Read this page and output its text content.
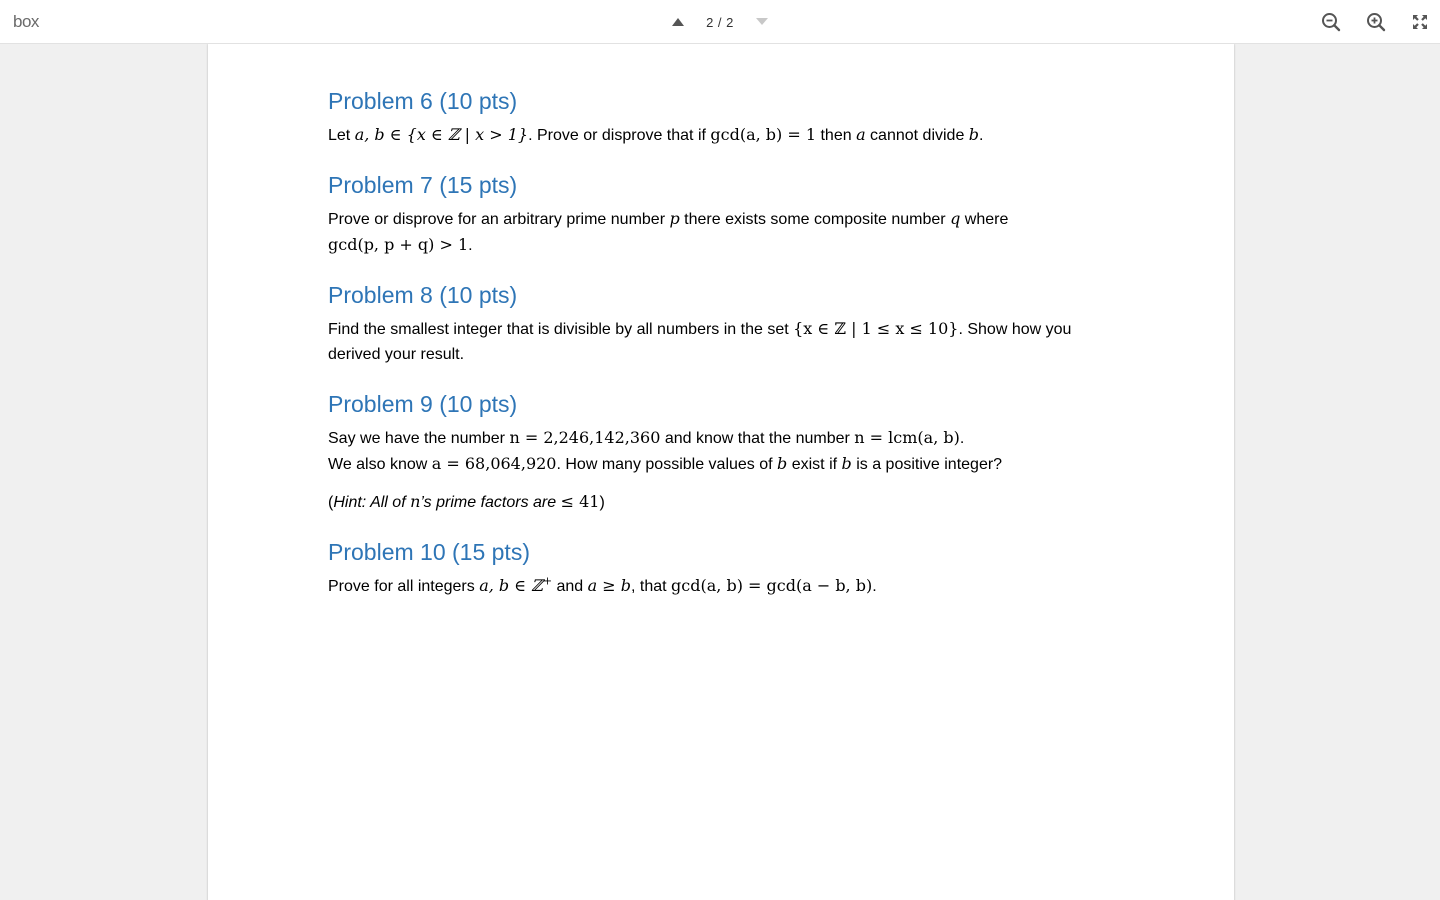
box	2 / 2
Problem 6 (10 pts)

Let a, b ∈ {x ∈ ℤ | x > 1}. Prove or disprove that if gcd(a, b) = 1 then a cannot divide b.

Problem 7 (15 pts)

Prove or disprove for an arbitrary prime number p there exists some composite number q where
gcd(p, p + q) > 1.

Problem 8 (10 pts)

Find the smallest integer that is divisible by all numbers in the set {x ∈ ℤ | 1 ≤ x ≤ 10}. Show how you derived your result.

Problem 9 (10 pts)

Say we have the number n = 2,246,142,360 and know that the number n = lcm(a, b).
We also know a = 68,064,920. How many possible values of b exist if b is a positive integer?

(Hint: All of n’s prime factors are ≤ 41)
Problem 10 (15 pts)

Prove for all integers a, b ∈ ℤ+ and a ≥ b, that gcd(a, b) = gcd(a − b, b).
